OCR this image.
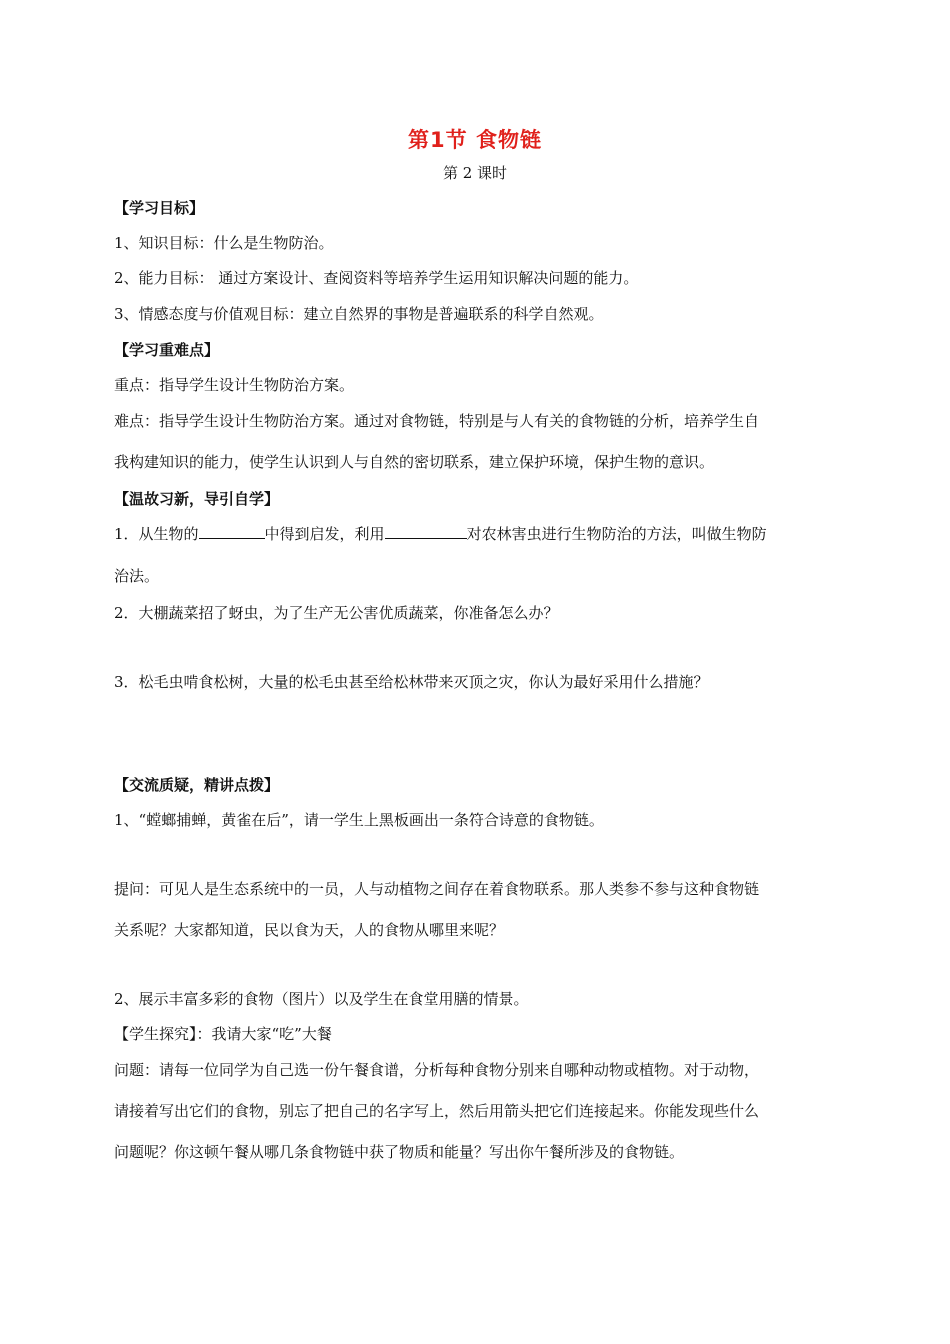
第1节 食物链
第 2 课时
【学习目标】
1、知识目标：什么是生物防治。
2、能力目标： 通过方案设计、查阅资料等培养学生运用知识解决问题的能力。
3、情感态度与价值观目标：建立自然界的事物是普遍联系的科学自然观。
【学习重难点】
重点：指导学生设计生物防治方案。
难点：指导学生设计生物防治方案。通过对食物链，特别是与人有关的食物链的分析，培养学生自
我构建知识的能力，使学生认识到人与自然的密切联系，建立保护环境，保护生物的意识。
【温故习新，导引自学】
1．从生物的	中得到启发，利用	对农林害虫进行生物防治的方法，叫做生物防
治法。
2．大棚蔬菜招了蚜虫，为了生产无公害优质蔬菜，你准备怎么办？
3．松毛虫啃食松树，大量的松毛虫甚至给松林带来灭顶之灾，你认为最好采用什么措施？
【交流质疑，精讲点拨】
1、“螳螂捕蝉，黄雀在后”，请一学生上黑板画出一条符合诗意的食物链。
提问：可见人是生态系统中的一员，人与动植物之间存在着食物联系。那人类参不参与这种食物链
关系呢？大家都知道，民以食为天，人的食物从哪里来呢？
2、展示丰富多彩的食物（图片）以及学生在食堂用膳的情景。
【学生探究】：我请大家“吃”大餐
问题：请每一位同学为自己选一份午餐食谱，分析每种食物分别来自哪种动物或植物。对于动物，
请接着写出它们的食物，别忘了把自己的名字写上，然后用箭头把它们连接起来。你能发现些什么
问题呢？你这顿午餐从哪几条食物链中获了物质和能量？写出你午餐所涉及的食物链。
